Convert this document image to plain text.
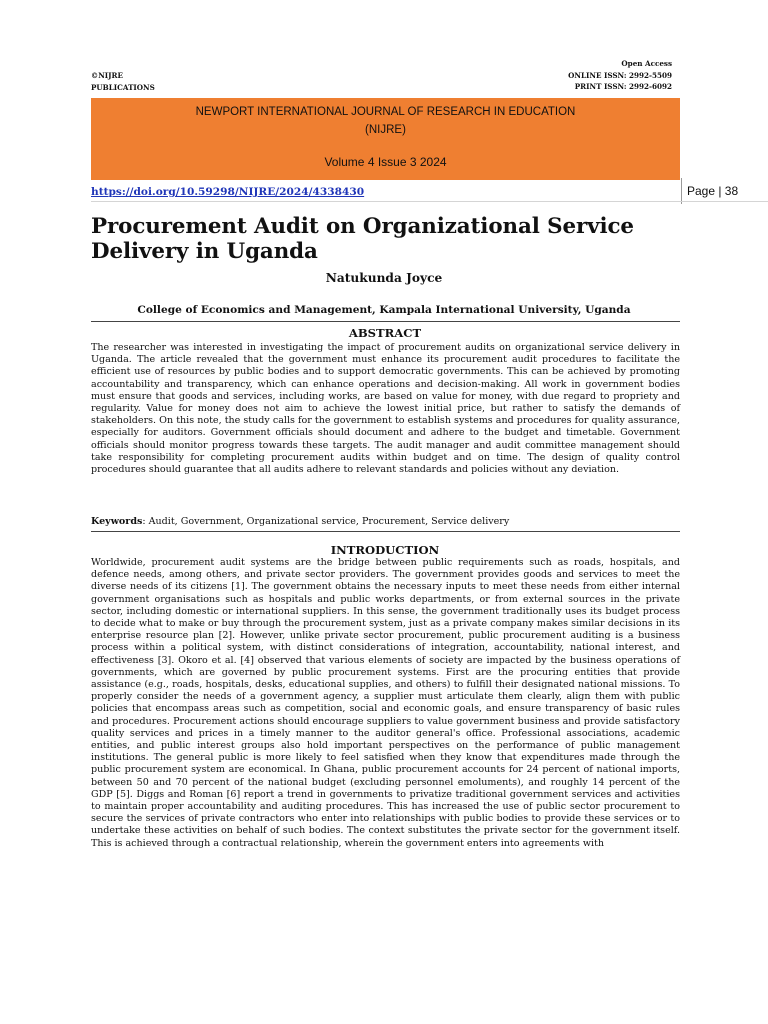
Open Access
ONLINE ISSN: 2992-5509
PRINT ISSN: 2992-6092
©NIJRE
PUBLICATIONS
NEWPORT INTERNATIONAL JOURNAL OF RESEARCH IN EDUCATION
(NIJRE)
Volume 4 Issue 3 2024
https://doi.org/10.59298/NIJRE/2024/4338430	Page | 38
Procurement Audit on Organizational Service Delivery in Uganda
Natukunda Joyce
College of Economics and Management, Kampala International University, Uganda
ABSTRACT
The researcher was interested in investigating the impact of procurement audits on organizational service delivery in Uganda. The article revealed that the government must enhance its procurement audit procedures to facilitate the efficient use of resources by public bodies and to support democratic governments. This can be achieved by promoting accountability and transparency, which can enhance operations and decision-making. All work in government bodies must ensure that goods and services, including works, are based on value for money, with due regard to propriety and regularity. Value for money does not aim to achieve the lowest initial price, but rather to satisfy the demands of stakeholders. On this note, the study calls for the government to establish systems and procedures for quality assurance, especially for auditors. Government officials should document and adhere to the budget and timetable. Government officials should monitor progress towards these targets. The audit manager and audit committee management should take responsibility for completing procurement audits within budget and on time. The design of quality control procedures should guarantee that all audits adhere to relevant standards and policies without any deviation.
Keywords: Audit, Government, Organizational service, Procurement, Service delivery
INTRODUCTION
Worldwide, procurement audit systems are the bridge between public requirements such as roads, hospitals, and defence needs, among others, and private sector providers. The government provides goods and services to meet the diverse needs of its citizens [1]. The government obtains the necessary inputs to meet these needs from either internal government organisations such as hospitals and public works departments, or from external sources in the private sector, including domestic or international suppliers. In this sense, the government traditionally uses its budget process to decide what to make or buy through the procurement system, just as a private company makes similar decisions in its enterprise resource plan [2]. However, unlike private sector procurement, public procurement auditing is a business process within a political system, with distinct considerations of integration, accountability, national interest, and effectiveness [3]. Okoro et al. [4] observed that various elements of society are impacted by the business operations of governments, which are governed by public procurement systems. First are the procuring entities that provide assistance (e.g., roads, hospitals, desks, educational supplies, and others) to fulfill their designated national missions. To properly consider the needs of a government agency, a supplier must articulate them clearly, align them with public policies that encompass areas such as competition, social and economic goals, and ensure transparency of basic rules and procedures. Procurement actions should encourage suppliers to value government business and provide satisfactory quality services and prices in a timely manner to the auditor general's office. Professional associations, academic entities, and public interest groups also hold important perspectives on the performance of public management institutions. The general public is more likely to feel satisfied when they know that expenditures made through the public procurement system are economical. In Ghana, public procurement accounts for 24 percent of national imports, between 50 and 70 percent of the national budget (excluding personnel emoluments), and roughly 14 percent of the GDP [5]. Diggs and Roman [6] report a trend in governments to privatize traditional government services and activities to maintain proper accountability and auditing procedures. This has increased the use of public sector procurement to secure the services of private contractors who enter into relationships with public bodies to provide these services or to undertake these activities on behalf of such bodies. The context substitutes the private sector for the government itself. This is achieved through a contractual relationship, wherein the government enters into agreements with
